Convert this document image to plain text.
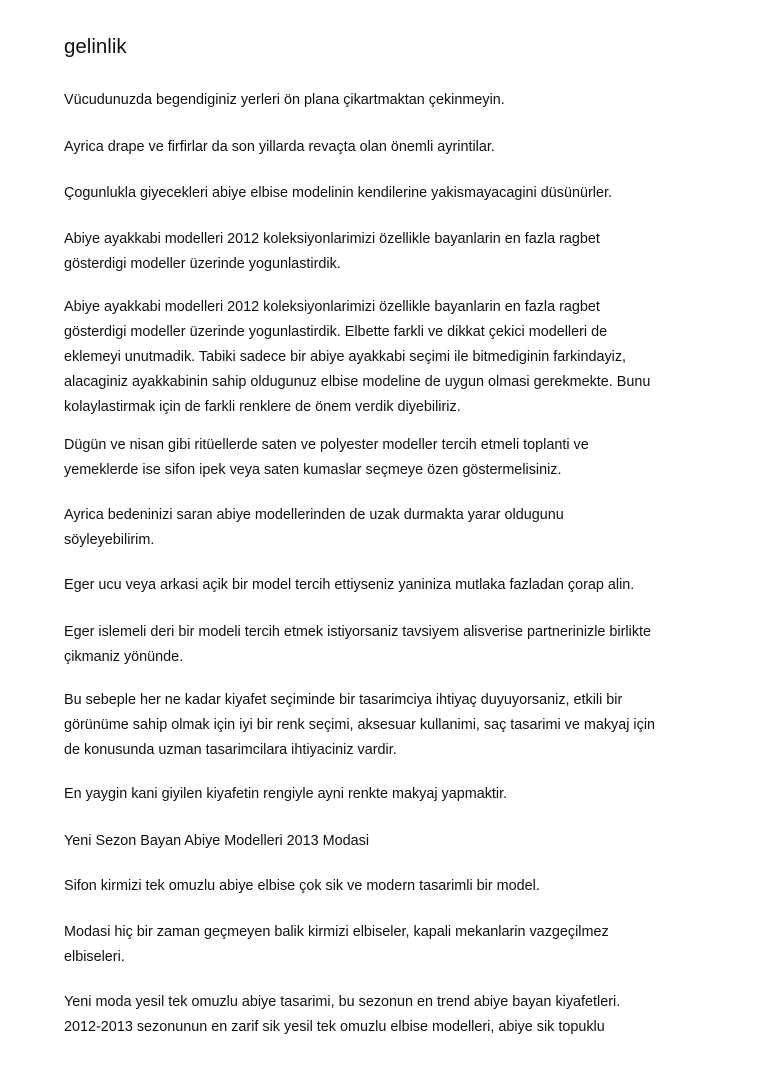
gelinlik
Vücudunuzda begendiginiz yerleri ön plana çikartmaktan çekinmeyin.
Ayrica drape ve firfirlar da son yillarda revaçta olan önemli ayrintilar.
Çogunlukla giyecekleri abiye elbise modelinin kendilerine yakismayacagini düsünürler.
Abiye ayakkabi modelleri 2012 koleksiyonlarimizi özellikle bayanlarin en fazla ragbet
gösterdigi modeller üzerinde yogunlastirdik.
Abiye ayakkabi modelleri 2012 koleksiyonlarimizi özellikle bayanlarin en fazla ragbet
gösterdigi modeller üzerinde yogunlastirdik. Elbette farkli ve dikkat çekici modelleri de
eklemeyi unutmadik. Tabiki sadece bir abiye ayakkabi seçimi ile bitmediginin farkindayiz,
alacaginiz ayakkabinin sahip oldugunuz elbise modeline de uygun olmasi gerekmekte. Bunu
kolaylastirmak için de farkli renklere de önem verdik diyebiliriz.
Dügün ve nisan gibi ritüellerde saten ve polyester modeller tercih etmeli toplanti ve
yemeklerde ise sifon ipek veya saten kumaslar seçmeye özen göstermelisiniz.
Ayrica bedeninizi saran abiye modellerinden de uzak durmakta yarar oldugunu
söyleyebilirim.
Eger ucu veya arkasi açik bir model tercih ettiyseniz yaniniza mutlaka fazladan çorap alin.
Eger islemeli deri bir modeli tercih etmek istiyorsaniz tavsiyem alisverise partnerinizle birlikte
çikmaniz yönünde.
Bu sebeple her ne kadar kiyafet seçiminde bir tasarimciya ihtiyaç duyuyorsaniz, etkili bir
görünüme sahip olmak için iyi bir renk seçimi, aksesuar kullanimi, saç tasarimi ve makyaj için
de konusunda uzman tasarimcilara ihtiyaciniz vardir.
En yaygin kani giyilen kiyafetin rengiyle ayni renkte makyaj yapmaktir.
Yeni Sezon Bayan Abiye Modelleri 2013 Modasi
Sifon kirmizi tek omuzlu abiye elbise çok sik ve modern tasarimli bir model.
Modasi hiç bir zaman geçmeyen balik kirmizi elbiseler, kapali mekanlarin vazgeçilmez
elbiseleri.
Yeni moda yesil tek omuzlu abiye tasarimi, bu sezonun en trend abiye bayan kiyafetleri.
2012-2013 sezonunun en zarif sik yesil tek omuzlu elbise modelleri, abiye sik topuklu
